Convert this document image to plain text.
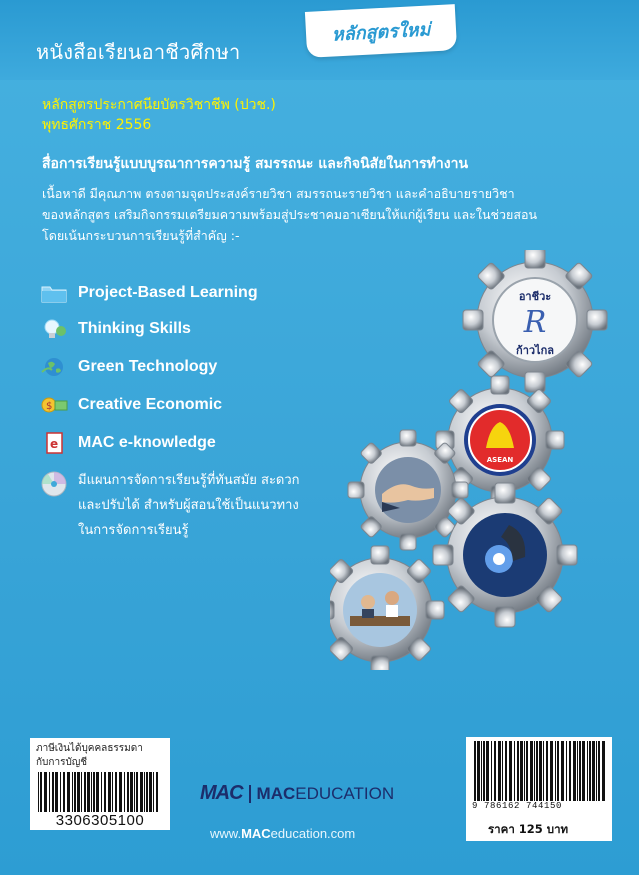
หนังสือเรียนอาชีวศึกษา
หลักสูตรใหม่
หลักสูตรประกาศนียบัตรวิชาชีพ (ปวช.)
พุทธศักราช 2556
สื่อการเรียนรู้แบบบูรณาการความรู้ สมรรถนะ และกิจนิสัยในการทำงาน
เนื้อหาดี มีคุณภาพ ตรงตามจุดประสงค์รายวิชา สมรรถนะรายวิชา และคำอธิบายรายวิชา
ของหลักสูตร เสริมกิจกรรมเตรียมความพร้อมสู่ประชาคมอาเซียนให้แก่ผู้เรียน และในช่วยสอน
โดยเน้นกระบวนการเรียนรู้ที่สำคัญ :-
Project-Based Learning
Thinking Skills
Green Technology
$ Creative Economic
e MAC e-knowledge
มีแผนการจัดการเรียนรู้ที่ทันสมัย สะดวก
และปรับได้ สำหรับผู้สอนใช้เป็นแนวทาง
ในการจัดการเรียนรู้
อาชีวะ
R
ก้าวไกล
ASEAN
ภาษีเงินได้บุคคลธรรมดา
กับการบัญชี
3306305100
9 786162 744150
ราคา 125 บาท
MAC MACEDUCATION
www.MACeducation.com
